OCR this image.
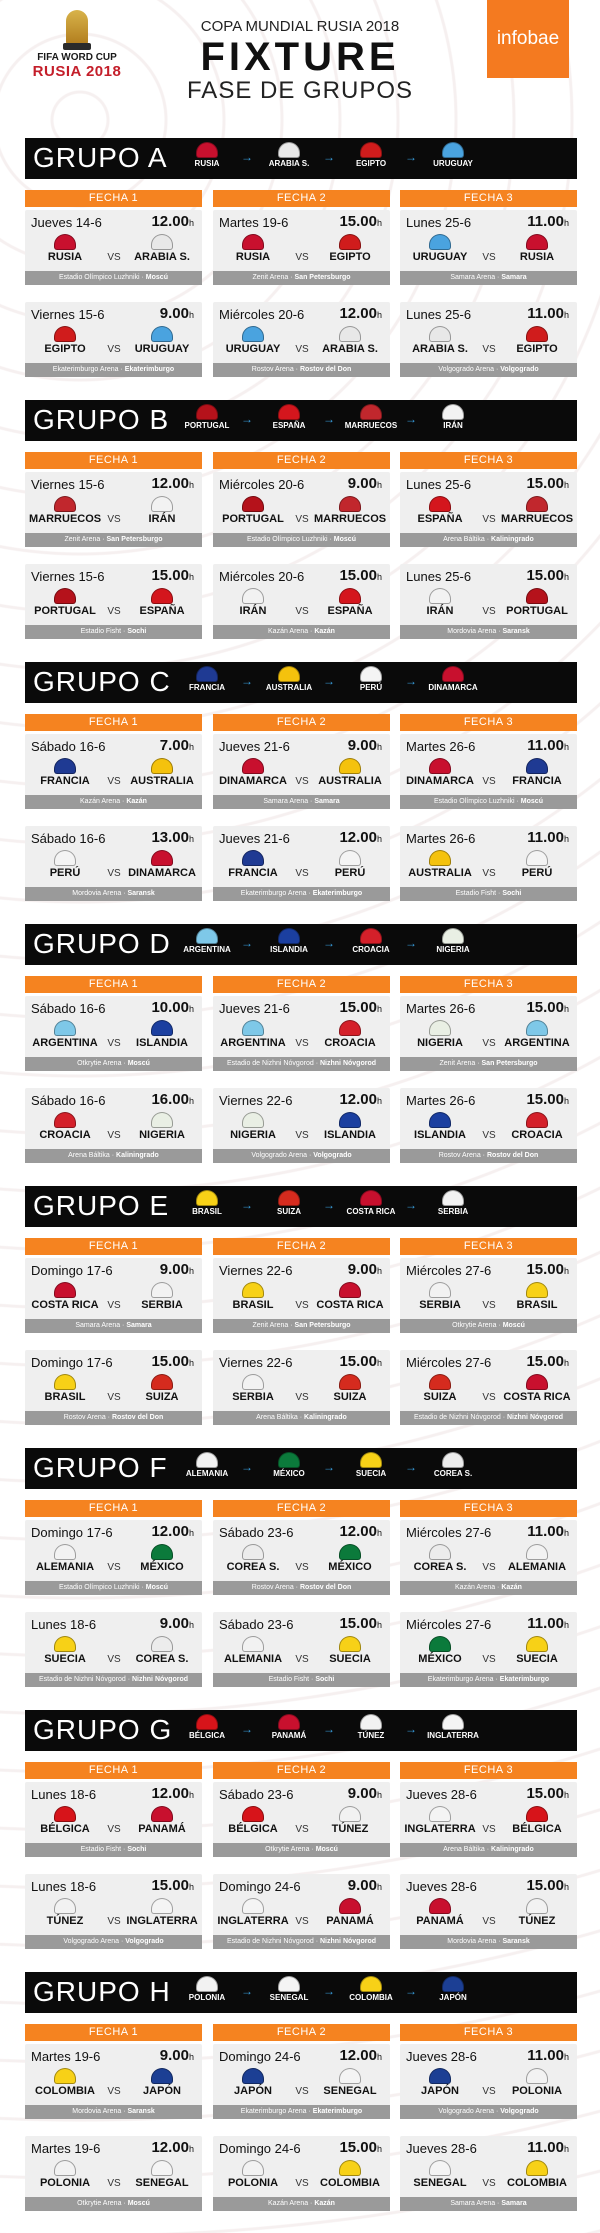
FIFA WORD CUP
RUSIA 2018
COPA MUNDIAL RUSIA 2018
FIXTURE
FASE DE GRUPOS
infobae
GRUPO A	RUSIA	→	ARABIA S.	→	EGIPTO	→	URUGUAY
FECHA 1
Jueves 14-6	12.00h
RUSIA	VS	ARABIA S.
Estadio Olímpico Luzhniki · Moscú
Viernes 15-6	9.00h
EGIPTO	VS	URUGUAY
Ekaterimburgo Arena · Ekaterimburgo
FECHA 2
Martes 19-6	15.00h
RUSIA	VS	EGIPTO
Zenit Arena · San Petersburgo
Miércoles 20-6 12.00h
URUGUAY	VS	ARABIA S.
Rostov Arena · Rostov del Don
FECHA 3
Lunes 25-6	11.00h
URUGUAY	VS	RUSIA
Samara Arena · Samara
Lunes 25-6	11.00h
ARABIA S.	VS	EGIPTO
Volgogrado Arena · Volgogrado
GRUPO B	PORTUGAL →	ESPAÑA	→	MARRUECOS →	IRÁN
FECHA 1
Viernes 15-6	12.00h
MARRUECOS VS	IRÁN
Zenit Arena · San Petersburgo
Viernes 15-6	15.00h
PORTUGAL	VS	ESPAÑA
Estadio Fisht · Sochi
FECHA 2
Miércoles 20-6	9.00h
PORTUGAL	VS MARRUECOS
Estadio Olímpico Luzhniki · Moscú
Miércoles 20-6 15.00h
IRÁN	VS	ESPAÑA
Kazán Arena · Kazán
FECHA 3
Lunes 25-6	15.00h
ESPAÑA	VS MARRUECOS
Arena Báltika · Kaliningrado
Lunes 25-6	15.00h
IRÁN	VS PORTUGAL
Mordovia Arena · Saransk
GRUPO C	FRANCIA	→	AUSTRALIA →	PERÚ	→	DINAMARCA
FECHA 1
Sábado 16-6	7.00h
FRANCIA	VS AUSTRALIA
Kazán Arena · Kazán
Sábado 16-6	13.00h
PERÚ	VS DINAMARCA
Mordovia Arena · Saransk
FECHA 2
Jueves 21-6	9.00h
DINAMARCA VS AUSTRALIA
Samara Arena · Samara
Jueves 21-6	12.00h
FRANCIA	VS	PERÚ
Ekaterimburgo Arena · Ekaterimburgo
FECHA 3
Martes 26-6	11.00h
DINAMARCA VS	FRANCIA
Estadio Olímpico Luzhniki · Moscú
Martes 26-6	11.00h
AUSTRALIA	VS	PERÚ
Estadio Fisht · Sochi
GRUPO D	ARGENTINA →	ISLANDIA	→	CROACIA	→	NIGERIA
FECHA 1
Sábado 16-6	10.00h
ARGENTINA VS	ISLANDIA
Otkrytie Arena · Moscú
Sábado 16-6	16.00h
CROACIA	VS	NIGERIA
Arena Báltika · Kaliningrado
FECHA 2
Jueves 21-6	15.00h
ARGENTINA VS	CROACIA
Estadio de Nizhni Nóvgorod · Nizhni Nóvgorod
Viernes 22-6	12.00h
NIGERIA	VS	ISLANDIA
Volgogrado Arena · Volgogrado
FECHA 3
Martes 26-6	15.00h
NIGERIA	VS ARGENTINA
Zenit Arena · San Petersburgo
Martes 26-6	15.00h
ISLANDIA	VS	CROACIA
Rostov Arena · Rostov del Don
GRUPO E	BRASIL	→	SUIZA	→	COSTA RICA →	SERBIA
FECHA 1
Domingo 17-6	9.00h
COSTA RICA VS	SERBIA
Samara Arena · Samara
Domingo 17-6	15.00h
BRASIL	VS	SUIZA
Rostov Arena · Rostov del Don
FECHA 2
Viernes 22-6	9.00h
BRASIL	VS COSTA RICA
Zenit Arena · San Petersburgo
Viernes 22-6	15.00h
SERBIA	VS	SUIZA
Arena Báltika · Kaliningrado
FECHA 3
Miércoles 27-6 15.00h
SERBIA	VS	BRASIL
Otkrytie Arena · Moscú
Miércoles 27-6 15.00h
SUIZA	VS COSTA RICA
Estadio de Nizhni Nóvgorod · Nizhni Nóvgorod
GRUPO F	ALEMANIA	→	MÉXICO	→	SUECIA	→	COREA S.
FECHA 1
Domingo 17-6	12.00h
ALEMANIA	VS	MÉXICO
Estadio Olímpico Luzhniki · Moscú
Lunes 18-6	9.00h
SUECIA	VS	COREA S.
Estadio de Nizhni Nóvgorod · Nizhni Nóvgorod
FECHA 2
Sábado 23-6	12.00h
COREA S.	VS	MÉXICO
Rostov Arena · Rostov del Don
Sábado 23-6	15.00h
ALEMANIA	VS	SUECIA
Estadio Fisht · Sochi
FECHA 3
Miércoles 27-6 11.00h
COREA S.	VS	ALEMANIA
Kazán Arena · Kazán
Miércoles 27-6 11.00h
MÉXICO	VS	SUECIA
Ekaterimburgo Arena · Ekaterimburgo
GRUPO G	BÉLGICA	→	PANAMÁ	→	TÚNEZ	→	INGLATERRA
FECHA 1
Lunes 18-6	12.00h
BÉLGICA	VS	PANAMÁ
Estadio Fisht · Sochi
Lunes 18-6	15.00h
TÚNEZ	VS INGLATERRA
Volgogrado Arena · Volgogrado
FECHA 2
Sábado 23-6	9.00h
BÉLGICA	VS	TÚNEZ
Otkrytie Arena · Moscú
Domingo 24-6	9.00h
INGLATERRA VS	PANAMÁ
Estadio de Nizhni Nóvgorod · Nizhni Nóvgorod
FECHA 3
Jueves 28-6	15.00h
INGLATERRA VS	BÉLGICA
Arena Báltika · Kaliningrado
Jueves 28-6	15.00h
PANAMÁ	VS	TÚNEZ
Mordovia Arena · Saransk
GRUPO H	POLONIA	→	SENEGAL	→	COLOMBIA	→	JAPÓN
FECHA 1
Martes 19-6	9.00h
COLOMBIA	VS	JAPÓN
Mordovia Arena · Saransk
Martes 19-6	12.00h
POLONIA	VS	SENEGAL
Otkrytie Arena · Moscú
FECHA 2
Domingo 24-6	12.00h
JAPÓN	VS	SENEGAL
Ekaterimburgo Arena · Ekaterimburgo
Domingo 24-6	15.00h
POLONIA	VS	COLOMBIA
Kazán Arena · Kazán
FECHA 3
Jueves 28-6	11.00h
JAPÓN	VS	POLONIA
Volgogrado Arena · Volgogrado
Jueves 28-6	11.00h
SENEGAL	VS	COLOMBIA
Samara Arena · Samara
